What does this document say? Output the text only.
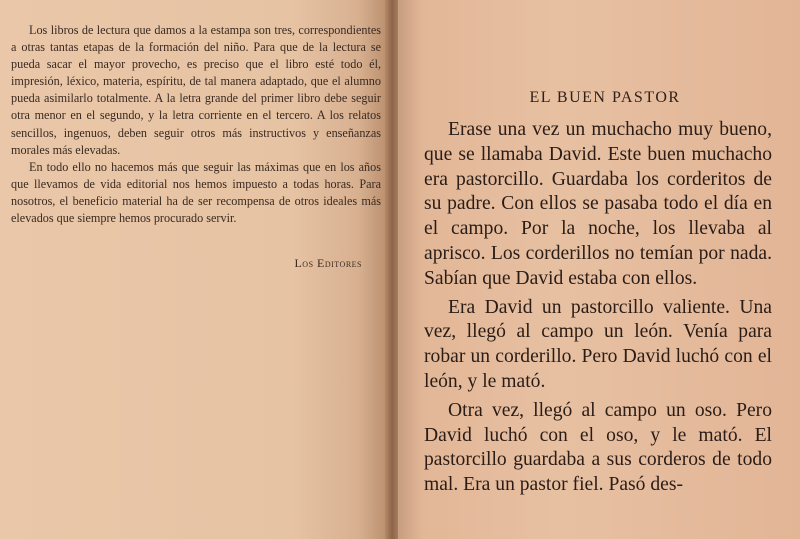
Los libros de lectura que damos a la estampa son tres, correspondientes a otras tantas etapas de la formación del niño. Para que de la lectura se pueda sacar el mayor provecho, es preciso que el libro esté todo él, impresión, léxico, materia, espíritu, de tal manera adaptado, que el alumno pueda asimilarlo totalmente. A la letra grande del primer libro debe seguir otra menor en el segundo, y la letra corriente en el tercero. A los relatos sencillos, ingenuos, deben seguir otros más instructivos y enseñanzas morales más elevadas.

En todo ello no hacemos más que seguir las máximas que en los años que llevamos de vida editorial nos hemos impuesto a todas horas. Para nosotros, el beneficio material ha de ser recompensa de otros ideales más elevados que siempre hemos procurado servir.

Los Editores
EL BUEN PASTOR

Erase una vez un muchacho muy bueno, que se llamaba David. Este buen muchacho era pastorcillo. Guardaba los corderitos de su padre. Con ellos se pasaba todo el día en el campo. Por la noche, los llevaba al aprisco. Los corderillos no temían por nada. Sabían que David estaba con ellos.

Era David un pastorcillo valiente. Una vez, llegó al campo un león. Venía para robar un corderillo. Pero David luchó con el león, y le mató.

Otra vez, llegó al campo un oso. Pero David luchó con el oso, y le mató. El pastorcillo guardaba a sus corderos de todo mal. Era un pastor fiel. Pasó des-
